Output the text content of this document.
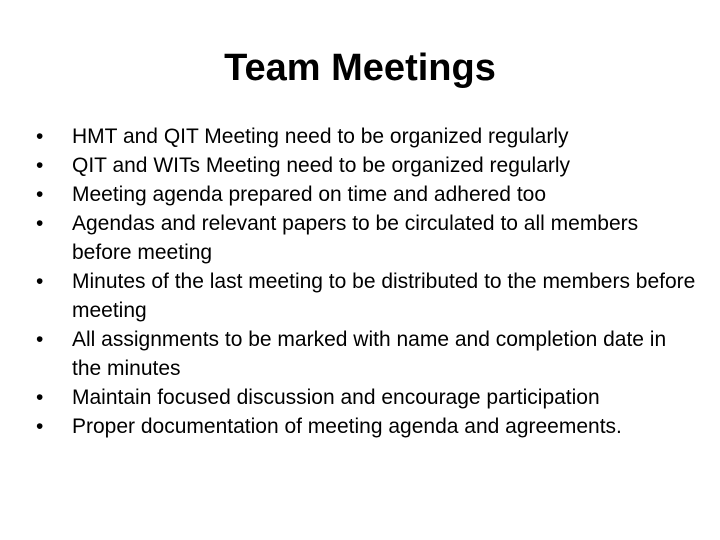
Team Meetings
•	HMT and QIT Meeting need to be organized regularly
•	QIT and WITs Meeting need to be organized regularly
•	Meeting agenda prepared on time and adhered too
•	Agendas and relevant papers to be circulated to all members before meeting
•	Minutes of the last meeting to be distributed to the members before meeting
•	All assignments to be marked with name and completion date in the minutes
•	Maintain focused discussion and encourage participation
•	Proper documentation of meeting agenda and agreements.
